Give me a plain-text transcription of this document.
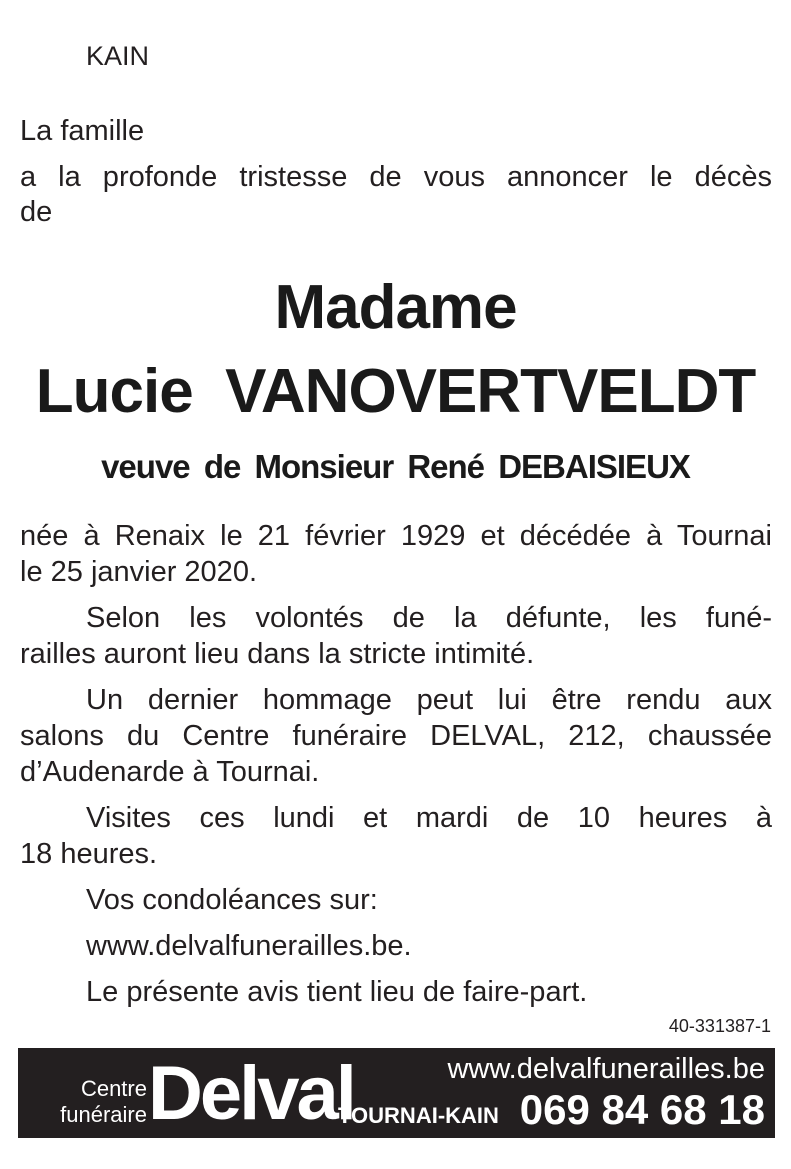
KAIN

La famille

a la profonde tristesse de vous annoncer le décès

de

Madame

Lucie VANOVERTVELDT

veuve de Monsieur René DEBAISIEUX

née à Renaix le 21 février 1929 et décédée à Tournai

le 25 janvier 2020.

Selon les volontés de la défunte, les funé-

railles auront lieu dans la stricte intimité.

Un dernier hommage peut lui être rendu aux

salons du Centre funéraire DELVAL, 212, chaussée

d’Audenarde à Tournai.

Visites ces lundi et mardi de 10 heures à

18 heures.

Vos condoléances sur:

www.delvalfunerailles.be.

Le présente avis tient lieu de faire-part.

40-331387-1

Centre
funéraire Delval	www.delvalfunerailles.be
TOURNAI-KAIN 069 84 68 18
